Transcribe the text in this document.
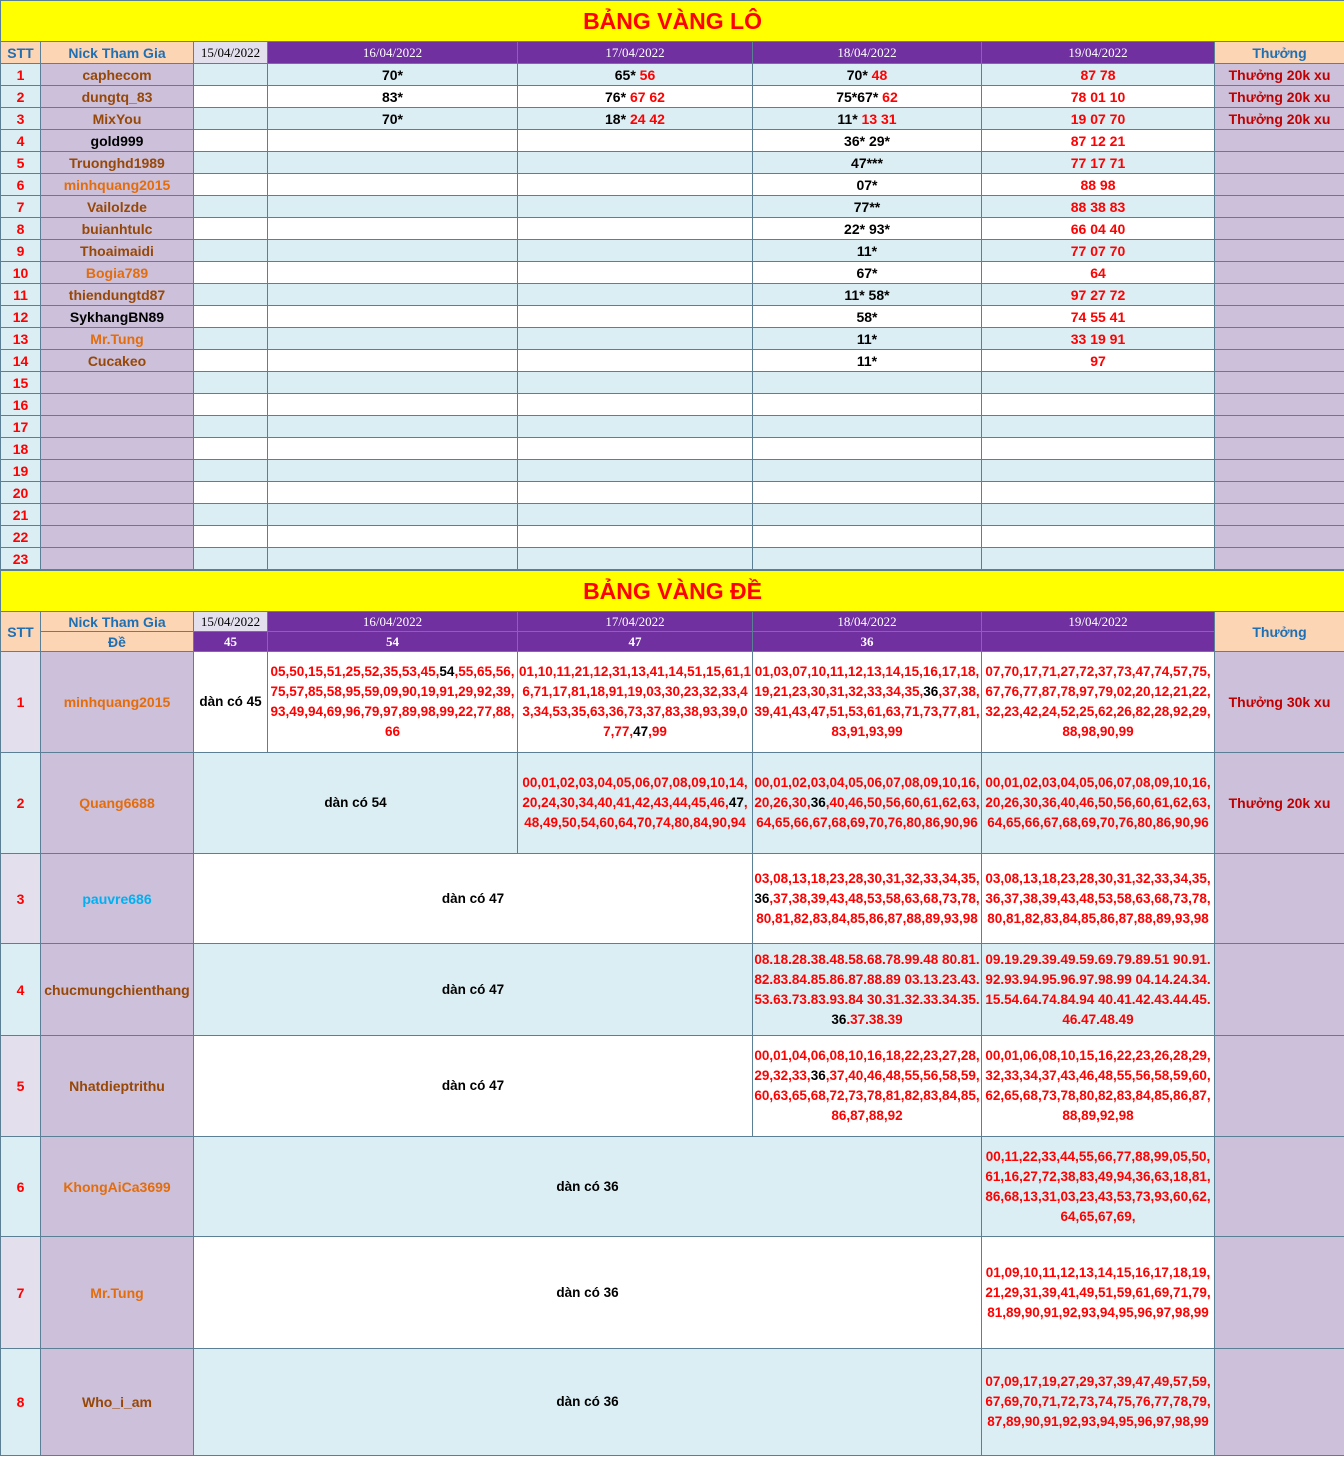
BẢNG VÀNG LÔ							
STT	Nick Tham Gia	15/04/2022	16/04/2022	17/04/2022	18/04/2022	19/04/2022	Thưởng
1	caphecom		70*	65* 56	70* 48	87 78	Thưởng 20k xu
2	dungtq_83		83*	76* 67 62	75*67* 62	78 01 10	Thưởng 20k xu
3	MixYou		70*	18* 24 42	11* 13 31	19 07 70	Thưởng 20k xu
4	gold999				36* 29*	87 12 21	
5	Truonghd1989				47***	77 17 71	
6	minhquang2015				07*	88 98	
7	Vailolzde				77**	88 38 83	
8	buianhtulc				22* 93*	66 04 40	
9	Thoaimaidi				11*	77 07 70	
10	Bogia789				67*	64	
11	thiendungtd87				11* 58*	97 27 72	
12	SykhangBN89				58*	74 55 41	
13	Mr.Tung				11*	33 19 91	
14	Cucakeo				11*	97	
15							
16							
17							
18							
19							
20							
21							
22							
23							
BẢNG VÀNG ĐỀ							
STT	Nick Tham Gia	15/04/2022	16/04/2022	17/04/2022	18/04/2022	19/04/2022	Thưởng
	Đề	45	54	47	36		
1	minhquang2015	dàn có 45	05,50,15,51,25,52,35,53,45,54,55,65,56,75,57,85,58,95,59,09,90,19,91,29,92,39,93,49,94,69,96,79,97,89,98,99,22,77,88,66	01,10,11,21,12,31,13,41,14,51,15,61,16,71,17,81,18,91,19,03,30,23,32,33,43,34,53,35,63,36,73,37,83,38,93,39,07,77,47,99	01,03,07,10,11,12,13,14,15,16,17,18,19,21,23,30,31,32,33,34,35,36,37,38,39,41,43,47,51,53,61,63,71,73,77,81,83,91,93,99	07,70,17,71,27,72,37,73,47,74,57,75,67,76,77,87,78,97,79,02,20,12,21,22,32,23,42,24,52,25,62,26,82,28,92,29,88,98,90,99	Thưởng 30k xu
2	Quang6688	dàn có 54		00,01,02,03,04,05,06,07,08,09,10,14,20,24,30,34,40,41,42,43,44,45,46,47,48,49,50,54,60,64,70,74,80,84,90,94	00,01,02,03,04,05,06,07,08,09,10,16,20,26,30,36,40,46,50,56,60,61,62,63,64,65,66,67,68,69,70,76,80,86,90,96	00,01,02,03,04,05,06,07,08,09,10,16,20,26,30,36,40,46,50,56,60,61,62,63,64,65,66,67,68,69,70,76,80,86,90,96	Thưởng 20k xu
3	pauvre686	dàn có 47			03,08,13,18,23,28,30,31,32,33,34,35,36,37,38,39,43,48,53,58,63,68,73,78,80,81,82,83,84,85,86,87,88,89,93,98	03,08,13,18,23,28,30,31,32,33,34,35,36,37,38,39,43,48,53,58,63,68,73,78,80,81,82,83,84,85,86,87,88,89,93,98	
4	chucmungchienthang	dàn có 47			08.18.28.38.48.58.68.78.99.48 80.81.82.83.84.85.86.87.88.89 03.13.23.43.53.63.73.83.93.84 30.31.32.33.34.35.36.37.38.39	09.19.29.39.49.59.69.79.89.51 90.91.92.93.94.95.96.97.98.99 04.14.24.34.15.54.64.74.84.94 40.41.42.43.44.45.46.47.48.49	
5	Nhatdieptrithu	dàn có 47			00,01,04,06,08,10,16,18,22,23,27,28,29,32,33,36,37,40,46,48,55,56,58,59,60,63,65,68,72,73,78,81,82,83,84,85,86,87,88,92	00,01,06,08,10,15,16,22,23,26,28,29,32,33,34,37,43,46,48,55,56,58,59,60,62,65,68,73,78,80,82,83,84,85,86,87,88,89,92,98	
6	KhongAiCa3699	dàn có 36				00,11,22,33,44,55,66,77,88,99,05,50,61,16,27,72,38,83,49,94,36,63,18,81,86,68,13,31,03,23,43,53,73,93,60,62,64,65,67,69,	
7	Mr.Tung	dàn có 36				01,09,10,11,12,13,14,15,16,17,18,19,21,29,31,39,41,49,51,59,61,69,71,79,81,89,90,91,92,93,94,95,96,97,98,99	
8	Who_i_am	dàn có 36				07,09,17,19,27,29,37,39,47,49,57,59,67,69,70,71,72,73,74,75,76,77,78,79,87,89,90,91,92,93,94,95,96,97,98,99	
